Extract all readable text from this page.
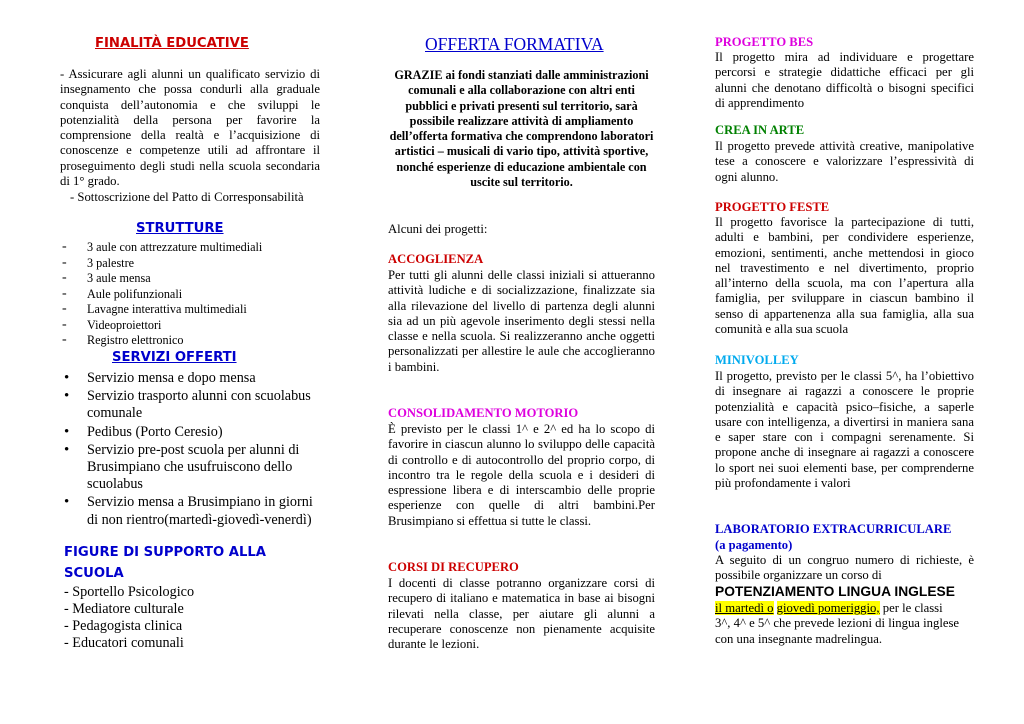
FINALITÀ EDUCATIVE

- Assicurare agli alunni un qualificato servizio di insegnamento che possa condurli alla graduale conquista dell’autonomia e che sviluppi le potenzialità della persona per favorire la comprensione della realtà e l’acquisizione di conoscenze e competenze utili ad affrontare il proseguimento degli studi nella scuola secondaria di 1° grado.

- Sottoscrizione del Patto di Corresponsabilità

STRUTTURE
- 3 aule con attrezzature multimediali
- 3 palestre
- 3 aule mensa
- Aule polifunzionali
- Lavagne interattiva multimediali
- Videoproiettori
- Registro elettronico
SERVIZI OFFERTI
• Servizio mensa e dopo mensa
• Servizio trasporto alunni con scuolabus comunale
• Pedibus (Porto Ceresio)
• Servizio pre-post scuola per alunni di Brusimpiano che usufruiscono dello scuolabus
• Servizio mensa a Brusimpiano in giorni di non rientro(martedì-giovedì-venerdì)
FIGURE DI SUPPORTO ALLA SCUOLA
- Sportello Psicologico
- Mediatore culturale
- Pedagogista clinica
- Educatori comunali
OFFERTA FORMATIVA

GRAZIE ai fondi stanziati dalle amministrazioni comunali e alla collaborazione con altri enti pubblici e privati presenti sul territorio, sarà possibile realizzare attività di ampliamento dell’offerta formativa che comprendono laboratori artistici – musicali di vario tipo, attività sportive, nonché esperienze di educazione ambientale con uscite sul territorio.

Alcuni dei progetti:
ACCOGLIENZA

Per tutti gli alunni delle classi iniziali si attueranno attività ludiche e di socializzazione, finalizzate sia alla rilevazione del livello di partenza degli alunni sia ad un più agevole inserimento degli stessi nella classe e nella scuola. Si realizzeranno anche oggetti personalizzati per allestire le aule che accoglieranno i bambini.

CONSOLIDAMENTO MOTORIO

È previsto per le classi 1^ e 2^ ed ha lo scopo di favorire in ciascun alunno lo sviluppo delle capacità di controllo e di autocontrollo del proprio corpo, di incontro tra le regole della scuola e i desideri di espressione libera e di interscambio delle proprie esperienze con quelle di altri bambini.Per Brusimpiano si effettua si tutte le classi.

CORSI DI RECUPERO

I docenti di classe potranno organizzare corsi di recupero di italiano e matematica in base ai bisogni rilevati nella classe, per aiutare gli alunni a recuperare conoscenze non pienamente acquisite durante le lezioni.

PROGETTO BES

Il progetto mira ad individuare e progettare percorsi e strategie didattiche efficaci per gli alunni che denotano difficoltà o bisogni specifici di apprendimento

CREA IN ARTE

Il progetto prevede attività creative, manipolative tese a conoscere e valorizzare l’espressività di ogni alunno.

PROGETTO FESTE

Il progetto favorisce la partecipazione di tutti, adulti e bambini, per condividere esperienze, emozioni, sentimenti, anche mettendosi in gioco nel travestimento e nel divertimento, proprio all’interno della scuola, ma con l’apertura alla famiglia, per sviluppare in ciascun bambino il senso di appartenenza alla sua famiglia, alla sua comunità e alla sua scuola

MINIVOLLEY

Il progetto, previsto per le classi 5^, ha l’obiettivo di insegnare ai ragazzi a conoscere le proprie potenzialità e capacità psico–fisiche, a saperle usare con intelligenza, a divertirsi in maniera sana e saper stare con i compagni serenamente. Si propone anche di insegnare ai ragazzi a conoscere lo sport nei suoi elementi base, per comprenderne più profondamente i valori

LABORATORIO EXTRACURRICULARE
(a pagamento)

A seguito di un congruo numero di richieste, è possibile organizzare un corso di

POTENZIAMENTO LINGUA INGLESE
il martedì o giovedì pomeriggio, per le classi
3^, 4^ e 5^ che prevede lezioni di lingua inglese
con una insegnante madrelingua.
